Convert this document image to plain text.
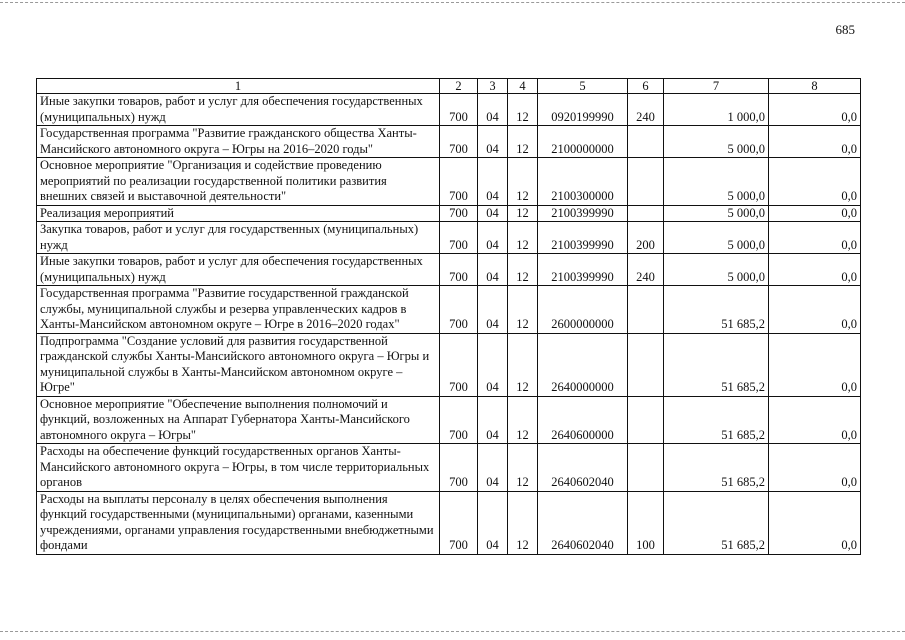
685
1	2	3	4	5	6	7	8
Иные закупки товаров, работ и услуг для обеспечения государственных (муниципальных) нужд	700	04	12	0920199990	240	1 000,0	0,0
Государственная программа "Развитие гражданского общества Ханты-Мансийского автономного округа – Югры на 2016–2020 годы"	700	04	12	2100000000		5 000,0	0,0
Основное мероприятие "Организация и содействие проведению мероприятий по реализации государственной политики развития внешних связей и выставочной деятельности"	700	04	12	2100300000		5 000,0	0,0
Реализация мероприятий	700	04	12	2100399990		5 000,0	0,0
Закупка товаров, работ и услуг для государственных (муниципальных) нужд	700	04	12	2100399990	200	5 000,0	0,0
Иные закупки товаров, работ и услуг для обеспечения государственных (муниципальных) нужд	700	04	12	2100399990	240	5 000,0	0,0
Государственная программа "Развитие государственной гражданской службы, муниципальной службы и резерва управленческих кадров в Ханты-Мансийском автономном округе – Югре в 2016–2020 годах"	700	04	12	2600000000		51 685,2	0,0
Подпрограмма "Создание условий для развития государственной гражданской службы Ханты-Мансийского автономного округа – Югры и муниципальной службы в Ханты-Мансийском автономном округе – Югре"	700	04	12	2640000000		51 685,2	0,0
Основное мероприятие "Обеспечение выполнения полномочий и функций, возложенных на Аппарат Губернатора Ханты-Мансийского автономного округа – Югры"	700	04	12	2640600000		51 685,2	0,0
Расходы на обеспечение функций государственных органов Ханты-Мансийского автономного округа – Югры, в том числе территориальных органов	700	04	12	2640602040		51 685,2	0,0
Расходы на выплаты персоналу в целях обеспечения выполнения функций государственными (муниципальными) органами, казенными учреждениями, органами управления государственными внебюджетными фондами	700	04	12	2640602040	100	51 685,2	0,0
